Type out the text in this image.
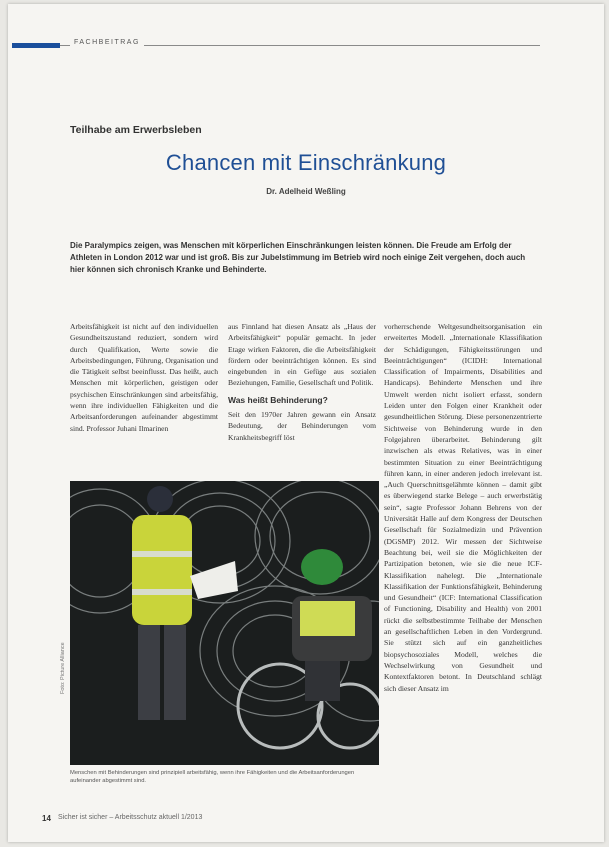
FACHBEITRAG
Teilhabe am Erwerbsleben
Chancen mit Einschränkung
Dr. Adelheid Weßling
Die Paralympics zeigen, was Menschen mit körperlichen Einschränkungen leisten können. Die Freude am Erfolg der Athleten in London 2012 war und ist groß. Bis zur Jubelstimmung im Betrieb wird noch einige Zeit vergehen, doch auch hier können sich chronisch Kranke und Behinderte.
Arbeitsfähigkeit ist nicht auf den individuellen Gesundheitszustand reduziert, sondern wird durch Qualifikation, Werte sowie die Arbeitsbedingungen, Führung, Organisation und die Tätigkeit selbst beeinflusst. Das heißt, auch Menschen mit körperlichen, geistigen oder psychischen Einschränkungen sind arbeitsfähig, wenn ihre individuellen Fähigkeiten und die Arbeitsanforderungen aufeinander abgestimmt sind. Professor Juhani Ilmarinen
aus Finnland hat diesen Ansatz als „Haus der Arbeitsfähigkeit“ populär gemacht. In jeder Etage wirken Faktoren, die die Arbeitsfähigkeit fördern oder beeinträchtigen können. Es sind eingebunden in ein Gefüge aus sozialen Beziehungen, Familie, Gesellschaft und Politik.
Was heißt Behinderung?
Seit den 1970er Jahren gewann ein Ansatz Bedeutung, der Behinderungen vom Krankheitsbegriff löst
vorherrschende Weltgesundheitsorganisation ein erweitertes Modell. „Internationale Klassifikation der Schädigungen, Fähigkeitsstörungen und Beeinträchtigungen“ (ICIDH: International Classification of Impairments, Disabilities and Handicaps). Behinderte Menschen und ihre Umwelt werden nicht isoliert erfasst, sondern Leiden unter den Folgen einer Krankheit oder gesundheitlichen Störung. Diese personenzentrierte Sichtweise von Behinderung wurde in den Folgejahren überarbeitet. Behinderung gilt inzwischen als etwas Relatives, was in einer bestimmten Situation zu einer Beeinträchtigung führen kann, in einer anderen jedoch irrelevant ist. „Auch Querschnittsgelähmte können – damit gibt es überwiegend starke Belege – auch erwerbstätig sein“, sagte Professor Johann Behrens von der Universität Halle auf dem Kongress der Deutschen Gesellschaft für Sozialmedizin und Prävention (DGSMP) 2012. Wir messen der Sichtweise Beachtung bei, weil sie die Möglichkeiten der Partizipation betonen, wie sie die neue ICF-Klassifikation nahelegt. Die „Internationale Klassifikation der Funktionsfähigkeit, Behinderung und Gesundheit“ (ICF: International Classification of Functioning, Disability and Health) von 2001 rückt die selbstbestimmte Teilhabe der Menschen an gesellschaftlichen Leben in den Vordergrund. Sie stützt sich auf ein ganzheitliches biopsychosoziales Modell, welches die Wechselwirkung von Gesundheit und Kontextfaktoren betont. In Deutschland schlägt sich dieser Ansatz im
Foto: Picture Alliance
Menschen mit Behinderungen sind prinzipiell arbeitsfähig, wenn ihre Fähigkeiten und die Arbeitsanforderungen aufeinander abgestimmt sind.
14 Sicher ist sicher – Arbeitsschutz aktuell 1/2013
